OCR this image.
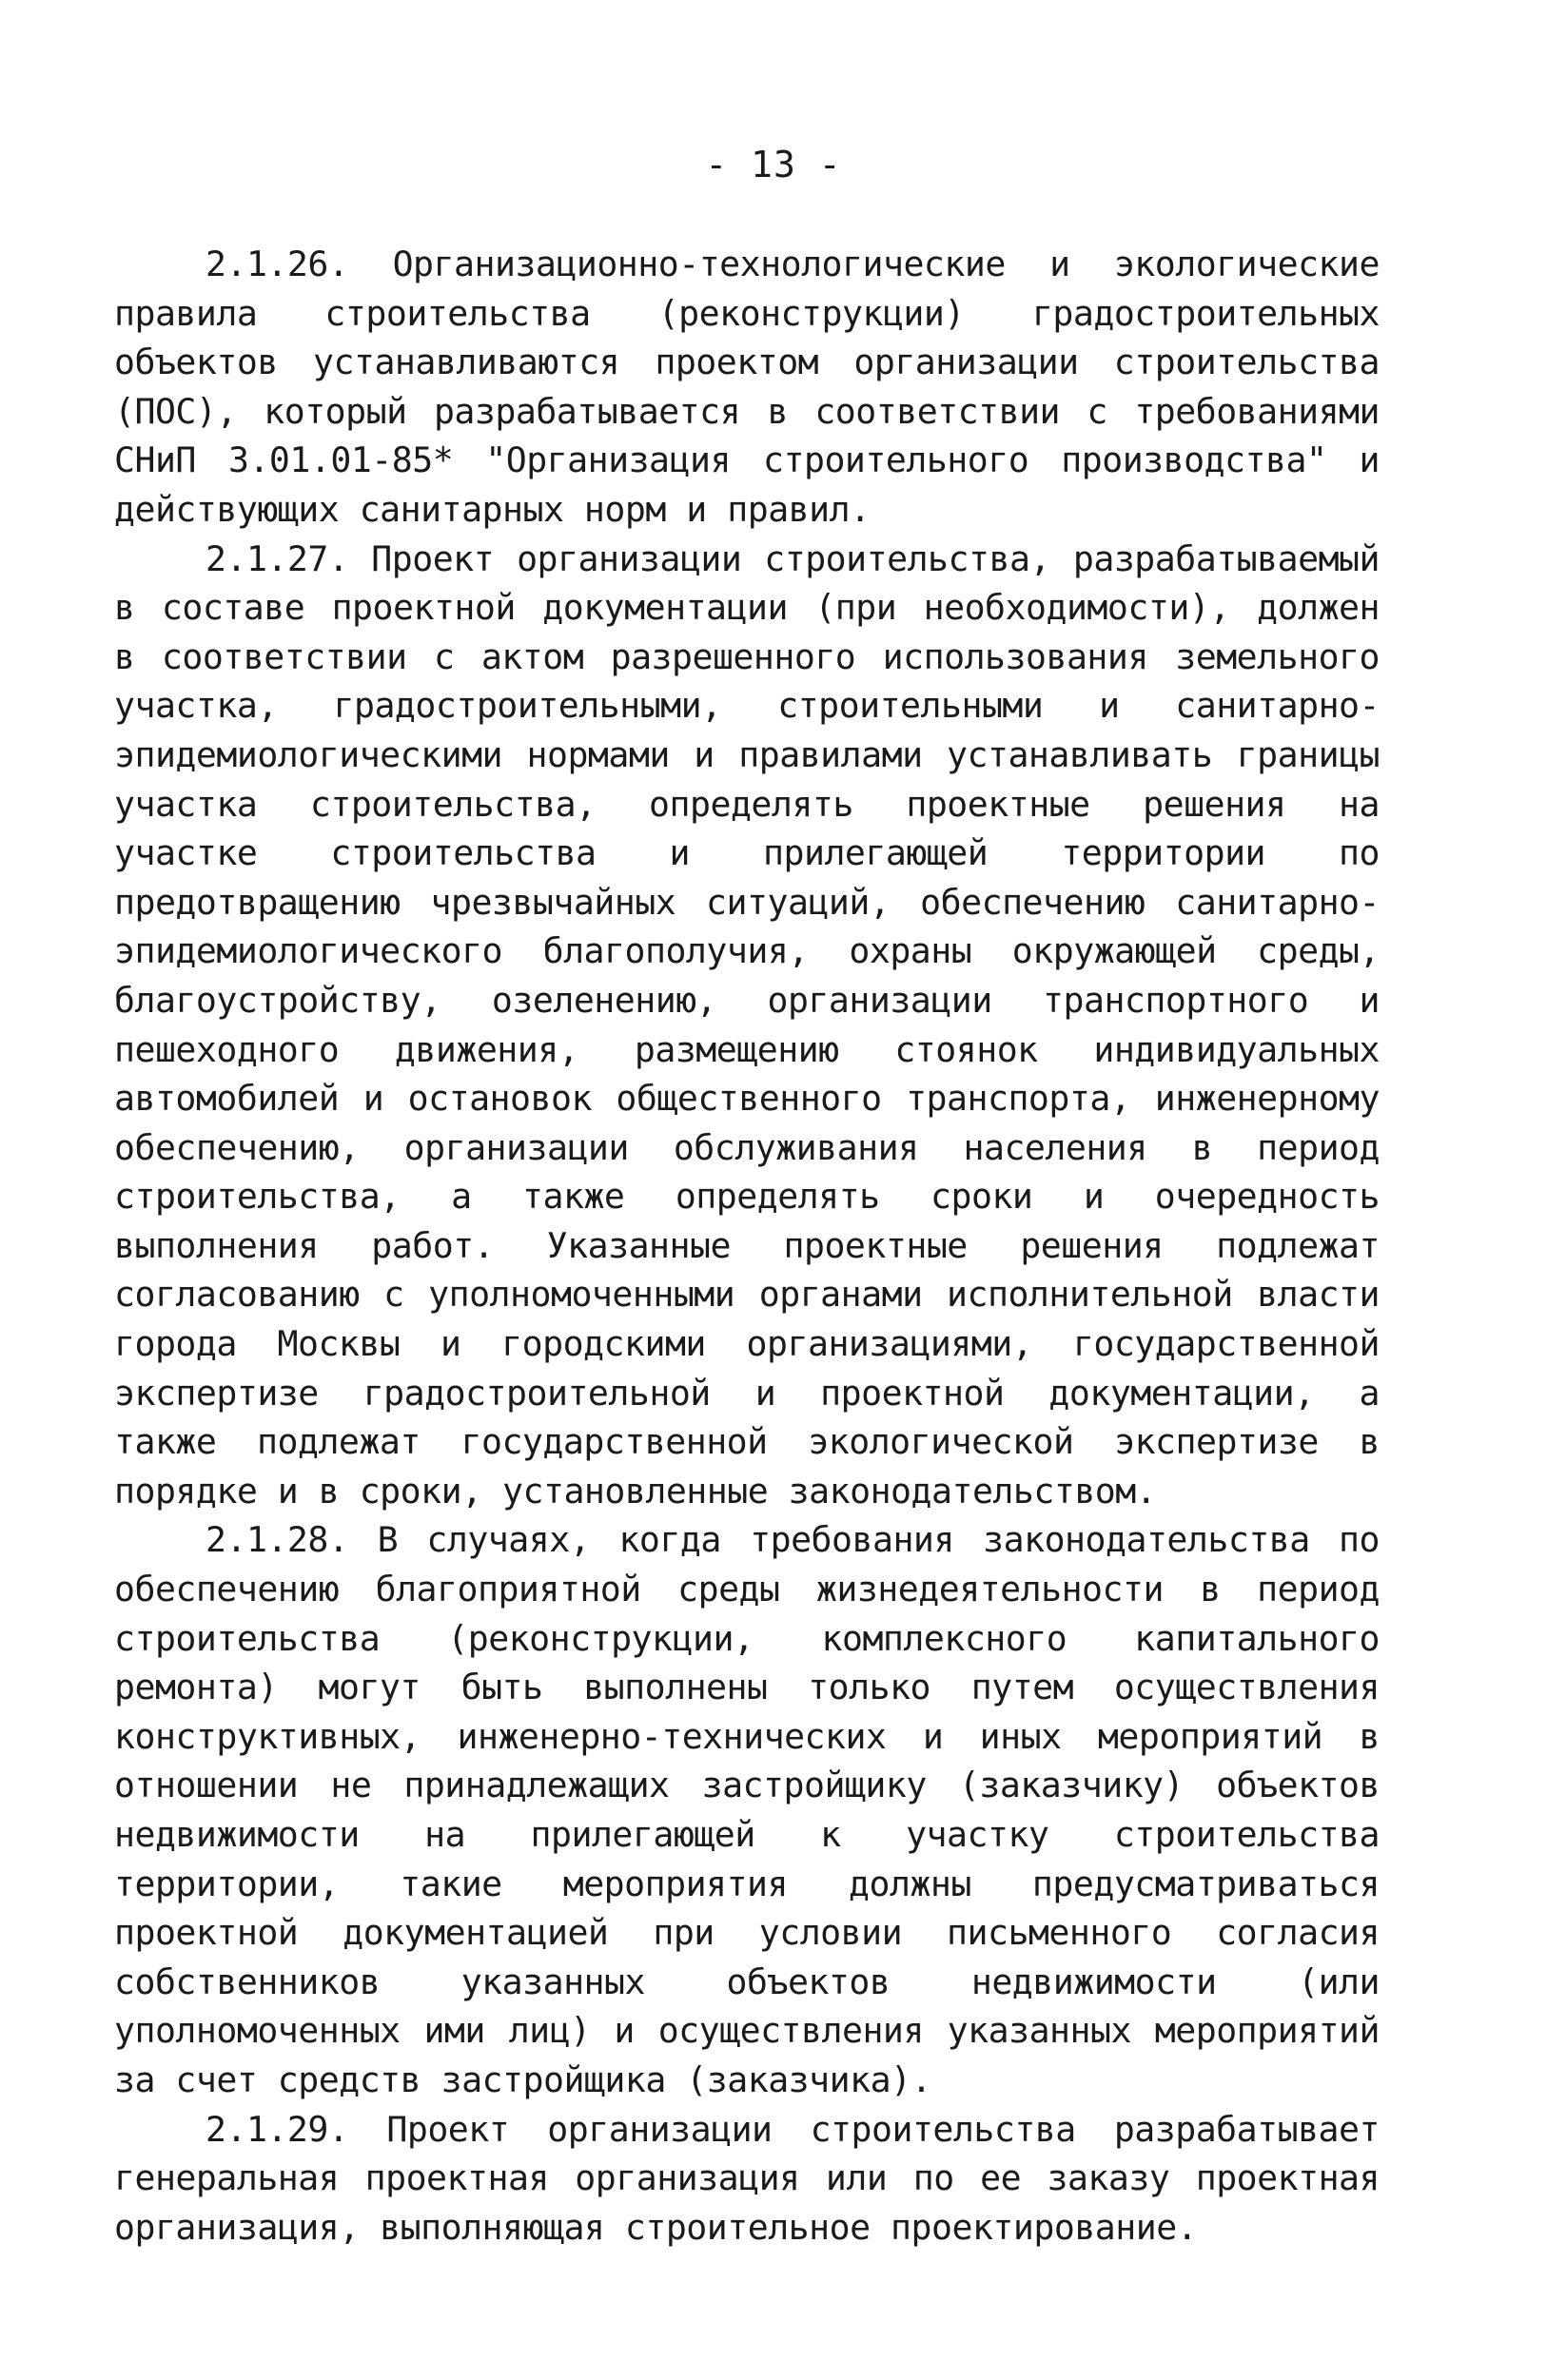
- 13 -

2.1.26. Организационно-технологические и экологические правила строительства (реконструкции) градостроительных объектов устанавливаются проектом организации строительства (ПОС), который разрабатывается в соответствии с требованиями СНиП 3.01.01-85* "Организация строительного производства" и действующих санитарных норм и правил.

2.1.27. Проект организации строительства, разрабатываемый в составе проектной документации (при необходимости), должен в соответствии с актом разрешенного использования земельного участка, градостроительными, строительными и санитарно-эпидемиологическими нормами и правилами устанавливать границы участка строительства, определять проектные решения на участке строительства и прилегающей территории по предотвращению чрезвычайных ситуаций, обеспечению санитарно-эпидемиологического благополучия, охраны окружающей среды, благоустройству, озеленению, организации транспортного и пешеходного движения, размещению стоянок индивидуальных автомобилей и остановок общественного транспорта, инженерному обеспечению, организации обслуживания населения в период строительства, а также определять сроки и очередность выполнения работ. Указанные проектные решения подлежат согласованию с уполномоченными органами исполнительной власти города Москвы и городскими организациями, государственной экспертизе градостроительной и проектной документации, а также подлежат государственной экологической экспертизе в порядке и в сроки, установленные законодательством.

2.1.28. В случаях, когда требования законодательства по обеспечению благоприятной среды жизнедеятельности в период строительства (реконструкции, комплексного капитального ремонта) могут быть выполнены только путем осуществления конструктивных, инженерно-технических и иных мероприятий в отношении не принадлежащих застройщику (заказчику) объектов недвижимости на прилегающей к участку строительства территории, такие мероприятия должны предусматриваться проектной документацией при условии письменного согласия собственников указанных объектов недвижимости (или уполномоченных ими лиц) и осуществления указанных мероприятий за счет средств застройщика (заказчика).

2.1.29. Проект организации строительства разрабатывает генеральная проектная организация или по ее заказу проектная организация, выполняющая строительное проектирование.
